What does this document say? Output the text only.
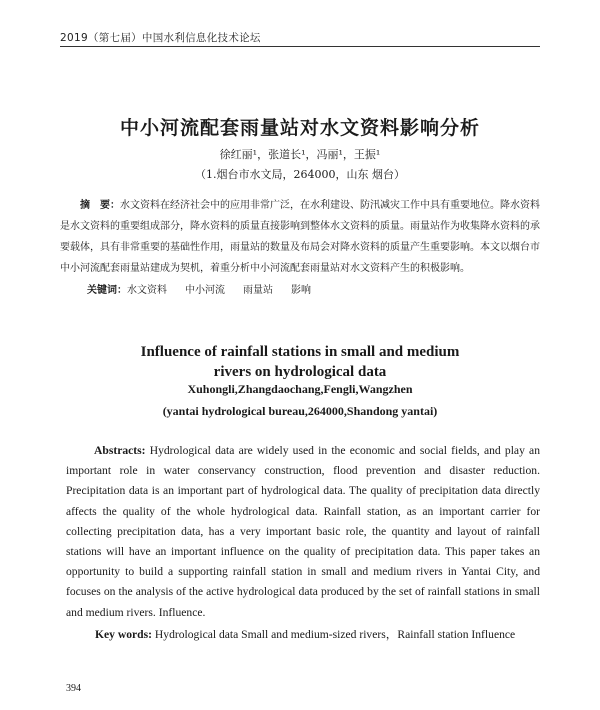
2019（第七届）中国水利信息化技术论坛
中小河流配套雨量站对水文资料影响分析
徐红丽¹，张道长¹，冯丽¹，王振¹
（1.烟台市水文局，264000，山东 烟台）
摘　要：水文资料在经济社会中的应用非常广泛，在水利建设、防汛减灾工作中具有重要地位。降水资料是水文资料的重要组成部分，降水资料的质量直接影响到整体水文资料的质量。雨量站作为收集降水资料的承要载体，具有非常重要的基础性作用，雨量站的数量及布局会对降水资料的质量产生重要影响。本文以烟台市中小河流配套雨量站建成为契机，着重分析中小河流配套雨量站对水文资料产生的积极影响。
关键词：水文资料 中小河流 雨量站 影响
Influence of rainfall stations in small and medium
rivers on hydrological data
Xuhongli,Zhangdaochang,Fengli,Wangzhen
(yantai hydrological bureau,264000,Shandong yantai)
Abstracts: Hydrological data are widely used in the economic and social fields, and play an important role in water conservancy construction, flood prevention and disaster reduction. Precipitation data is an important part of hydrological data. The quality of precipitation data directly affects the quality of the whole hydrological data. Rainfall station, as an important carrier for collecting precipitation data, has a very important basic role, the quantity and layout of rainfall stations will have an important influence on the quality of precipitation data. This paper takes an opportunity to build a supporting rainfall station in small and medium rivers in Yantai City, and focuses on the analysis of the active hydrological data produced by the set of rainfall stations in small and medium rivers. Influence.
Key words: Hydrological data Small and medium-sized rivers，Rainfall station Influence
394
